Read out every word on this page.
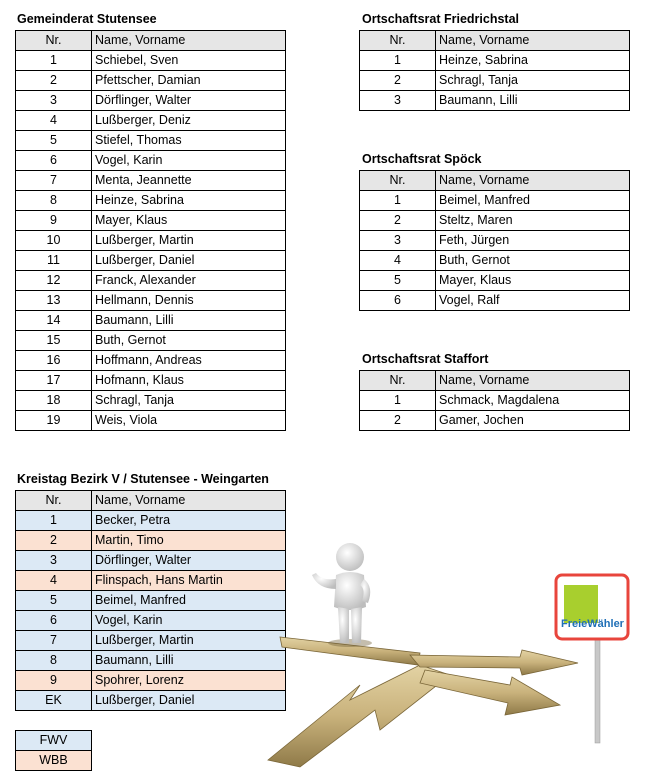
Gemeinderat Stutensee
Nr.	Name, Vorname
1	Schiebel, Sven
2	Pfettscher, Damian
3	Dörflinger, Walter
4	Lußberger, Deniz
5	Stiefel, Thomas
6	Vogel, Karin
7	Menta, Jeannette
8	Heinze, Sabrina
9	Mayer, Klaus
10	Lußberger, Martin
11	Lußberger, Daniel
12	Franck, Alexander
13	Hellmann, Dennis
14	Baumann, Lilli
15	Buth, Gernot
16	Hoffmann, Andreas
17	Hofmann, Klaus
18	Schragl, Tanja
19	Weis, Viola
Ortschaftsrat Friedrichstal
Nr.	Name, Vorname
1	Heinze, Sabrina
2	Schragl, Tanja
3	Baumann, Lilli
Ortschaftsrat Spöck
Nr.	Name, Vorname
1	Beimel, Manfred
2	Steltz, Maren
3	Feth, Jürgen
4	Buth, Gernot
5	Mayer, Klaus
6	Vogel, Ralf
Ortschaftsrat Staffort
Nr.	Name, Vorname
1	Schmack, Magdalena
2	Gamer, Jochen
Kreistag Bezirk V / Stutensee - Weingarten
Nr.	Name, Vorname
1	Becker, Petra
2	Martin, Timo
3	Dörflinger, Walter
4	Flinspach, Hans Martin
5	Beimel, Manfred
6	Vogel, Karin
7	Lußberger, Martin
8	Baumann, Lilli
9	Spohrer, Lorenz
EK	Lußberger, Daniel
FWV
WBB
FreieWähler
